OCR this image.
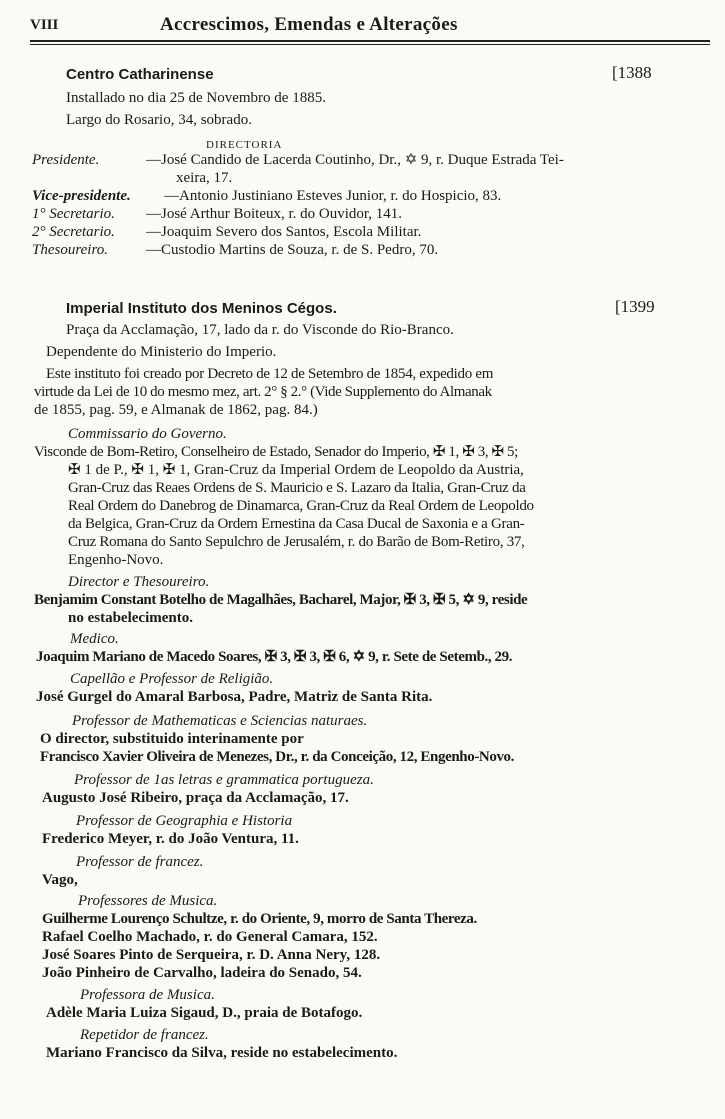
VIII	Accrescimos, Emendas e Alterações
Centro Catharinense	[1388
Installado no dia 25 de Novembro de 1885.
Largo do Rosario, 34, sobrado.
DIRECTORIA
Presidente.	—José Candido de Lacerda Coutinho, Dr., ✡ 9, r. Duque Estrada Tei-
xeira, 17.
Vice-presidente. —Antonio Justiniano Esteves Junior, r. do Hospicio, 83.
1° Secretario. —José Arthur Boiteux, r. do Ouvidor, 141.
2° Secretario. —Joaquim Severo dos Santos, Escola Militar.
Thesoureiro.	—Custodio Martins de Souza, r. de S. Pedro, 70.
Imperial Instituto dos Meninos Cégos.	[1399
Praça da Acclamação, 17, lado da r. do Visconde do Rio-Branco.
Dependente do Ministerio do Imperio.
Este instituto foi creado por Decreto de 12 de Setembro de 1854, expedido em
virtude da Lei de 10 do mesmo mez, art. 2° § 2.° (Vide Supplemento do Almanak
de 1855, pag. 59, e Almanak de 1862, pag. 84.)
Commissario do Governo.
Visconde de Bom-Retiro, Conselheiro de Estado, Senador do Imperio, ✠ 1, ✠ 3, ✠ 5;
✠ 1 de P., ✠ 1, ✠ 1, Gran-Cruz da Imperial Ordem de Leopoldo da Austria,
Gran-Cruz das Reaes Ordens de S. Mauricio e S. Lazaro da Italia, Gran-Cruz da
Real Ordem do Danebrog de Dinamarca, Gran-Cruz da Real Ordem de Leopoldo
da Belgica, Gran-Cruz da Ordem Ernestina da Casa Ducal de Saxonia e a Gran-
Cruz Romana do Santo Sepulchro de Jerusalém, r. do Barão de Bom-Retiro, 37,
Engenho-Novo.
Director e Thesoureiro.
Benjamim Constant Botelho de Magalhães, Bacharel, Major, ✠ 3, ✠ 5, ✡ 9, reside
no estabelecimento.
Medico.
Joaquim Mariano de Macedo Soares, ✠ 3, ✠ 3, ✠ 6, ✡ 9, r. Sete de Setemb., 29.
Capellão e Professor de Religião.
José Gurgel do Amaral Barbosa, Padre, Matriz de Santa Rita.
Professor de Mathematicas e Sciencias naturaes.
O director, substituido interinamente por
Francisco Xavier Oliveira de Menezes, Dr., r. da Conceição, 12, Engenho-Novo.
Professor de 1as letras e grammatica portugueza.
Augusto José Ribeiro, praça da Acclamação, 17.
Professor de Geographia e Historia
Frederico Meyer, r. do João Ventura, 11.
Professor de francez.
Vago,
Professores de Musica.
Guilherme Lourenço Schultze, r. do Oriente, 9, morro de Santa Thereza.
Rafael Coelho Machado, r. do General Camara, 152.
José Soares Pinto de Serqueira, r. D. Anna Nery, 128.
João Pinheiro de Carvalho, ladeira do Senado, 54.
Professora de Musica.
Adèle Maria Luiza Sigaud, D., praia de Botafogo.
Repetidor de francez.
Mariano Francisco da Silva, reside no estabelecimento.
